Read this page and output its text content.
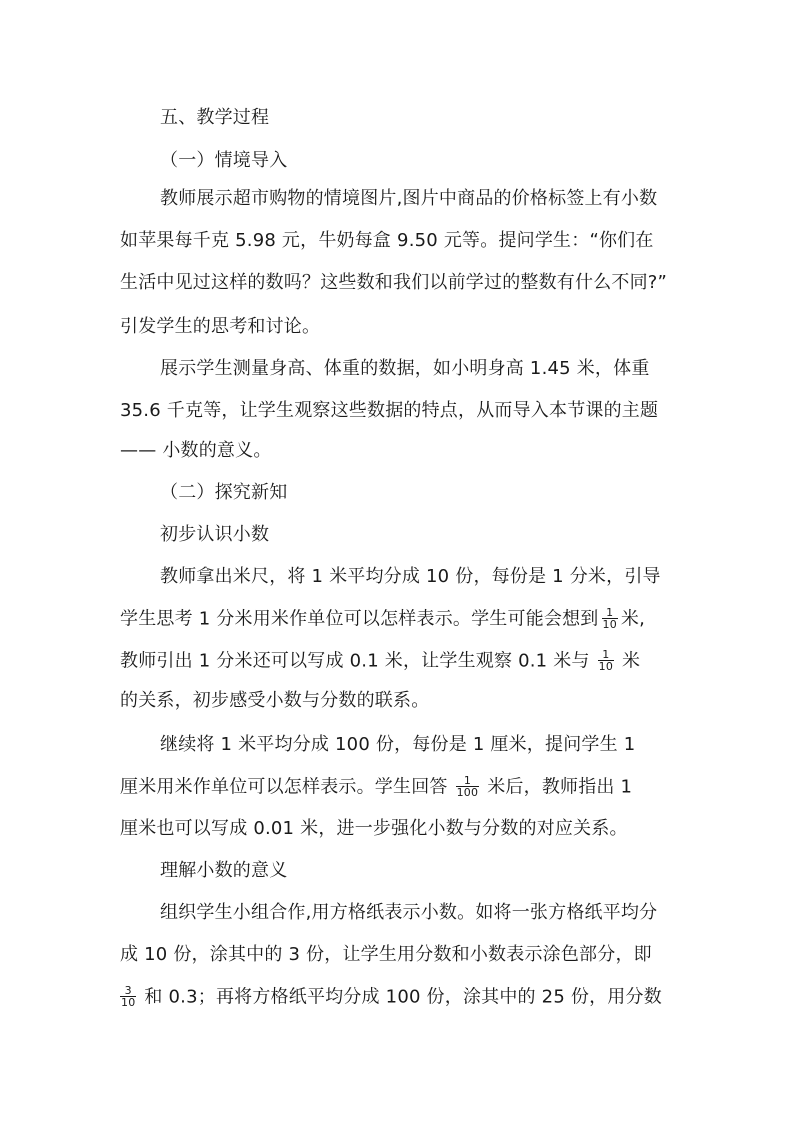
五、教学过程
（一）情境导入
教师展示超市购物的情境图片,图片中商品的价格标签上有小数
如苹果每千克 5.98 元，牛奶每盒 9.50 元等。提问学生：“你们在
生活中见过这样的数吗？这些数和我们以前学过的整数有什么不同?”
引发学生的思考和讨论。
展示学生测量身高、体重的数据，如小明身高 1.45 米，体重
35.6 千克等，让学生观察这些数据的特点，从而导入本节课的主题
—— 小数的意义。
（二）探究新知
初步认识小数
教师拿出米尺，将 1 米平均分成 10 份，每份是 1 分米，引导
学生思考 1 分米用米作单位可以怎样表示。学生可能会想到 $\frac{1}{10}$ 米,
教师引出 1 分米还可以写成 0.1 米，让学生观察 0.1 米与 $\frac{1}{10}$ 米
的关系，初步感受小数与分数的联系。
继续将 1 米平均分成 100 份，每份是 1 厘米，提问学生 1
厘米用米作单位可以怎样表示。学生回答 $\frac{1}{100}$ 米后，教师指出 1
厘米也可以写成 0.01 米，进一步强化小数与分数的对应关系。
理解小数的意义
组织学生小组合作,用方格纸表示小数。如将一张方格纸平均分
成 10 份，涂其中的 3 份，让学生用分数和小数表示涂色部分，即
$\frac{3}{10}$ 和 0.3；再将方格纸平均分成 100 份，涂其中的 25 份，用分数
